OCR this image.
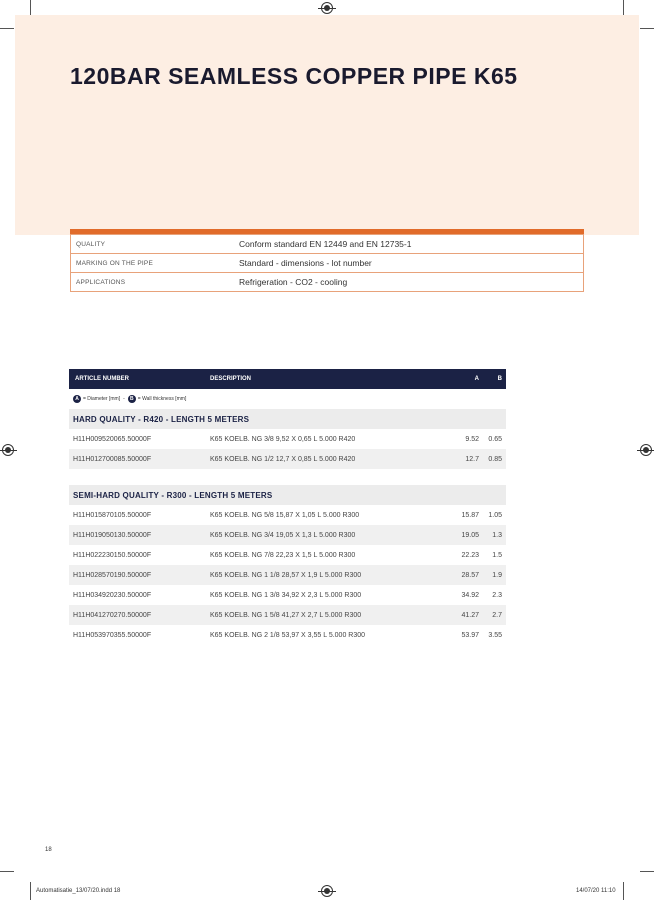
120BAR SEAMLESS COPPER PIPE K65
QUALITY	Conform standard EN 12449 and EN 12735-1
MARKING ON THE PIPE	Standard - dimensions - lot number
APPLICATIONS	Refrigeration - CO2 - cooling
ARTICLE NUMBER	DESCRIPTION	A	B
A = Diameter [mm] -	B = Wall thickness [mm]
HARD QUALITY - R420 - LENGTH 5 METERS
H11H009520065.50000F	K65 KOELB. NG 3/8 9,52 X 0,65 L 5.000 R420	9.52	0.65
H11H012700085.50000F	K65 KOELB. NG 1/2 12,7 X 0,85 L 5.000 R420	12.7	0.85
SEMI-HARD QUALITY - R300 - LENGTH 5 METERS
H11H015870105.50000F	K65 KOELB. NG 5/8 15,87 X 1,05 L 5.000 R300	15.87	1.05
H11H019050130.50000F	K65 KOELB. NG 3/4 19,05 X 1,3 L 5.000 R300	19.05	1.3
H11H022230150.50000F	K65 KOELB. NG 7/8 22,23 X 1,5 L 5.000 R300	22.23	1.5
H11H028570190.50000F	K65 KOELB. NG 1 1/8 28,57 X 1,9 L 5.000 R300	28.57	1.9
H11H034920230.50000F	K65 KOELB. NG 1 3/8 34,92 X 2,3 L 5.000 R300	34.92	2.3
H11H041270270.50000F	K65 KOELB. NG 1 5/8 41,27 X 2,7 L 5.000 R300	41.27	2.7
H11H053970355.50000F	K65 KOELB. NG 2 1/8 53,97 X 3,55 L 5.000 R300	53.97	3.55
18
Automatisatie_13/07/20.indd 18	14/07/20 11:10
